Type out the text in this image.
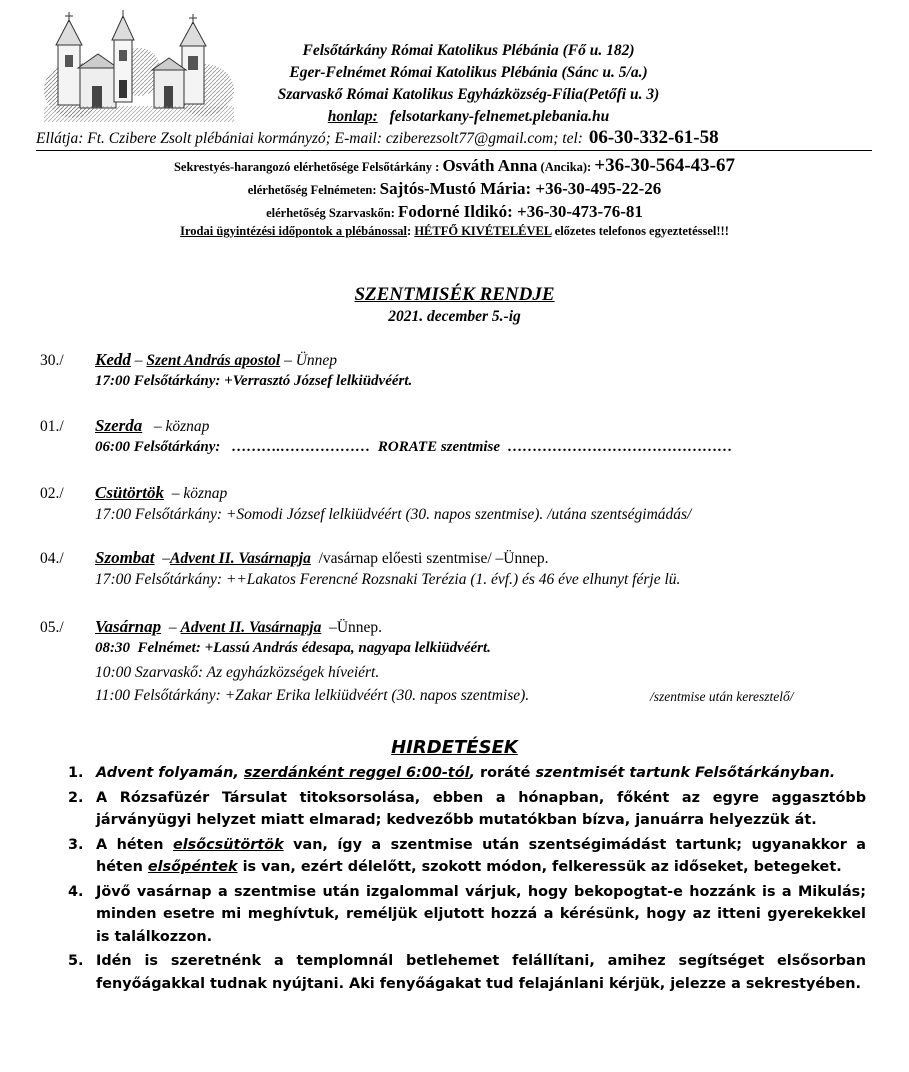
Felsőtárkány Római Katolikus Plébánia (Fő u. 182)
Eger-Felnémet Római Katolikus Plébánia (Sánc u. 5/a.)
Szarvaskő Római Katolikus Egyházközség-Fília(Petőfi u. 3)
honlap: felsotarkany-felnemet.plebania.hu
Ellátja: Ft. Czibere Zsolt plébániai kormányzó; E-mail: cziberezsolt77@gmail.com; tel: 06-30-332-61-58
Sekrestyés-harangozó elérhetősége Felsőtárkány : Osváth Anna (Ancika): +36-30-564-43-67
elérhetőség Felnémeten: Sajtós-Mustó Mária: +36-30-495-22-26
elérhetőség Szarvaskőn: Fodorné Ildikó: +36-30-473-76-81
Irodai ügyintézési időpontok a plébánossal: HÉTFŐ KIVÉTELÉVEL előzetes telefonos egyeztetéssel!!!
SZENTMISÉK RENDJE
2021. december 5.-ig
30./ Kedd – Szent András apostol – Ünnep
17:00 Felsőtárkány: +Verrasztó József lelkiüdvéért.
01./ Szerda   – köznap
06:00 Felsőtárkány:   ……….………………  RORATE szentmise  ………………………………………
02./ Csütörtök  – köznap
17:00 Felsőtárkány: +Somodi József lelkiüdvéért (30. napos szentmise). /utána szentségimádás/
04./ Szombat  –Advent II. Vasárnapja  /vasárnap előesti szentmise/ –Ünnep.
17:00 Felsőtárkány: ++Lakatos Ferencné Rozsnaki Terézia (1. évf.) és 46 éve elhunyt férje lü.
05./ Vasárnap  – Advent II. Vasárnapja  –Ünnep.
08:30  Felnémet: +Lassú András édesapa, nagyapa lelkiüdvéért.
10:00 Szarvaskő: Az egyházközségek híveiért.
11:00 Felsőtárkány: +Zakar Erika lelkiüdvéért (30. napos szentmise).	/szentmise után keresztelő/
HIRDETÉSEK
1. Advent folyamán, szerdánként reggel 6:00-tól, roráté szentmisét tartunk Felsőtárkányban.
2. A Rózsafüzér Társulat titoksorsolása, ebben a hónapban, főként az egyre aggasztóbb járványügyi helyzet miatt elmarad; kedvezőbb mutatókban bízva, januárra helyezzük át.
3. A héten elsőcsütörtök van, így a szentmise után szentségimádást tartunk; ugyanakkor a héten elsőpéntek is van, ezért délelőtt, szokott módon, felkeressük az időseket, betegeket.
4. Jövő vasárnap a szentmise után izgalommal várjuk, hogy bekopogtat-e hozzánk is a Mikulás; minden esetre mi meghívtuk, reméljük eljutott hozzá a kérésünk, hogy az itteni gyerekekkel is találkozzon.
5. Idén is szeretnénk a templomnál betlehemet felállítani, amihez segítséget elsősorban fenyőágakkal tudnak nyújtani. Aki fenyőágakat tud felajánlani kérjük, jelezze a sekrestyében.
